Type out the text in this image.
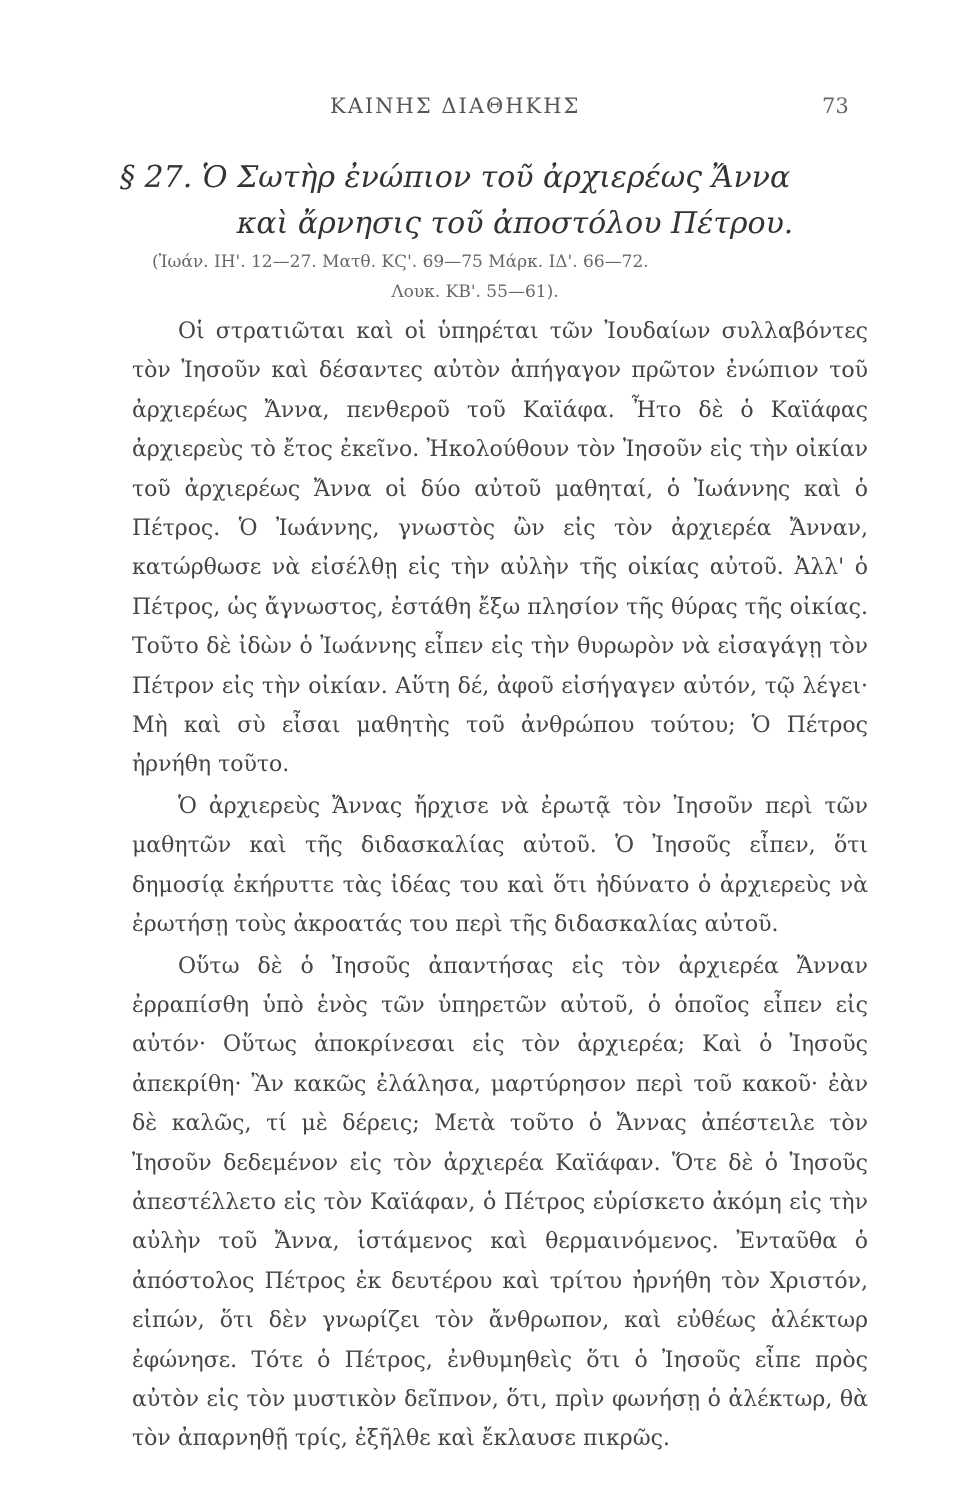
ΚΑΙΝΗΣ ΔΙΑΘΗΚΗΣ	73
§ 27. Ὁ Σωτὴρ ἐνώπιον τοῦ ἀρχιερέως Ἄννα
καὶ ἄρνησις τοῦ ἀποστόλου Πέτρου.
(Ἰωάν. ΙΗ'. 12—27. Ματθ. ΚϚ'. 69—75 Μάρκ. ΙΔ'. 66—72.
Λουκ. ΚΒ'. 55—61).

Οἱ στρατιῶται καὶ οἱ ὑπηρέται τῶν Ἰουδαίων συλλαβόντες τὸν Ἰησοῦν καὶ δέσαντες αὐτὸν ἀπήγαγον πρῶτον ἐνώπιον τοῦ ἀρχιερέως Ἄννα, πενθεροῦ τοῦ Καϊάφα. Ἦτο δὲ ὁ Καϊάφας ἀρχιερεὺς τὸ ἔτος ἐκεῖνο. Ἠκολούθουν τὸν Ἰησοῦν εἰς τὴν οἰκίαν τοῦ ἀρχιερέως Ἄννα οἱ δύο αὐτοῦ μαθηταί, ὁ Ἰωάννης καὶ ὁ Πέτρος. Ὁ Ἰωάννης, γνωστὸς ὢν εἰς τὸν ἀρχιερέα Ἄνναν, κατώρθωσε νὰ εἰσέλθῃ εἰς τὴν αὐλὴν τῆς οἰκίας αὐτοῦ. Ἀλλ' ὁ Πέτρος, ὡς ἄγνωστος, ἐστάθη ἔξω πλησίον τῆς θύρας τῆς οἰκίας. Τοῦτο δὲ ἰδὼν ὁ Ἰωάννης εἶπεν εἰς τὴν θυρωρὸν νὰ εἰσαγάγῃ τὸν Πέτρον εἰς τὴν οἰκίαν. Αὕτη δέ, ἀφοῦ εἰσήγαγεν αὐτόν, τῷ λέγει· Μὴ καὶ σὺ εἶσαι μαθητὴς τοῦ ἀνθρώπου τούτου; Ὁ Πέτρος ἠρνήθη τοῦτο.

Ὁ ἀρχιερεὺς Ἄννας ἤρχισε νὰ ἐρωτᾷ τὸν Ἰησοῦν περὶ τῶν μαθητῶν καὶ τῆς διδασκαλίας αὐτοῦ. Ὁ Ἰησοῦς εἶπεν, ὅτι δημοσίᾳ ἐκήρυττε τὰς ἰδέας του καὶ ὅτι ἠδύνατο ὁ ἀρχιερεὺς νὰ ἐρωτήσῃ τοὺς ἀκροατάς του περὶ τῆς διδασκαλίας αὐτοῦ.

Οὕτω δὲ ὁ Ἰησοῦς ἀπαντήσας εἰς τὸν ἀρχιερέα Ἄνναν ἐρραπίσθη ὑπὸ ἑνὸς τῶν ὑπηρετῶν αὐτοῦ, ὁ ὁποῖος εἶπεν εἰς αὐτόν· Οὕτως ἀποκρίνεσαι εἰς τὸν ἀρχιερέα; Καὶ ὁ Ἰησοῦς ἀπεκρίθη· Ἂν κακῶς ἐλάλησα, μαρτύρησον περὶ τοῦ κακοῦ· ἐὰν δὲ καλῶς, τί μὲ δέρεις; Μετὰ τοῦτο ὁ Ἄννας ἀπέστειλε τὸν Ἰησοῦν δεδεμένον εἰς τὸν ἀρχιερέα Καϊάφαν. Ὅτε δὲ ὁ Ἰησοῦς ἀπεστέλλετο εἰς τὸν Καϊάφαν, ὁ Πέτρος εὑρίσκετο ἀκόμη εἰς τὴν αὐλὴν τοῦ Ἄννα, ἱστάμενος καὶ θερμαινόμενος. Ἐνταῦθα ὁ ἀπόστολος Πέτρος ἐκ δευτέρου καὶ τρίτου ἠρνήθη τὸν Χριστόν, εἰπών, ὅτι δὲν γνωρίζει τὸν ἄνθρωπον, καὶ εὐθέως ἀλέκτωρ ἐφώνησε. Τότε ὁ Πέτρος, ἐνθυμηθεὶς ὅτι ὁ Ἰησοῦς εἶπε πρὸς αὐτὸν εἰς τὸν μυστικὸν δεῖπνον, ὅτι, πρὶν φωνήσῃ ὁ ἀλέκτωρ, θὰ τὸν ἀπαρνηθῇ τρίς, ἐξῆλθε καὶ ἔκλαυσε πικρῶς.
